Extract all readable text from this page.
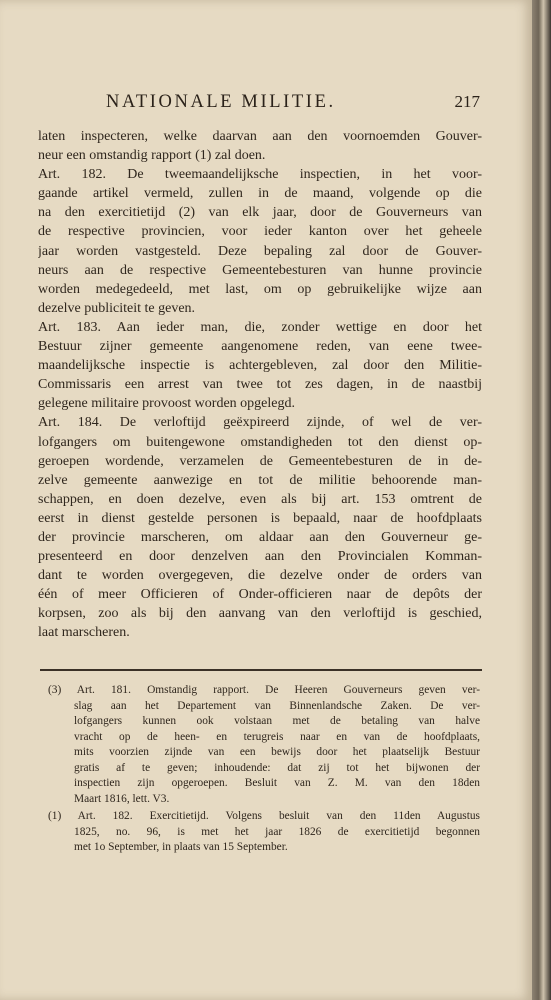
NATIONALE MILITIE.	217
laten inspecteren, welke daarvan aan den voornoemden Gouver-
neur een omstandig rapport (1) zal doen.
Art. 182. De tweemaandelijksche inspectien, in het voor-
gaande artikel vermeld, zullen in de maand, volgende op die
na den exercitietijd (2) van elk jaar, door de Gouverneurs van
de respective provincien, voor ieder kanton over het geheele
jaar worden vastgesteld. Deze bepaling zal door de Gouver-
neurs aan de respective Gemeentebesturen van hunne provincie
worden medegedeeld, met last, om op gebruikelijke wijze aan
dezelve publiciteit te geven.
Art. 183. Aan ieder man, die, zonder wettige en door het
Bestuur zijner gemeente aangenomene reden, van eene twee-
maandelijksche inspectie is achtergebleven, zal door den Militie-
Commissaris een arrest van twee tot zes dagen, in de naastbij
gelegene militaire provoost worden opgelegd.
Art. 184. De verloftijd geëxpireerd zijnde, of wel de ver-
lofgangers om buitengewone omstandigheden tot den dienst op-
geroepen wordende, verzamelen de Gemeentebesturen de in de-
zelve gemeente aanwezige en tot de militie behoorende man-
schappen, en doen dezelve, even als bij art. 153 omtrent de
eerst in dienst gestelde personen is bepaald, naar de hoofdplaats
der provincie marscheren, om aldaar aan den Gouverneur ge-
presenteerd en door denzelven aan den Provincialen Komman-
dant te worden overgegeven, die dezelve onder de orders van
één of meer Officieren of Onder-officieren naar de depôts der
korpsen, zoo als bij den aanvang van den verloftijd is geschied,
laat marscheren.
(3) Art. 181. Omstandig rapport. De Heeren Gouverneurs geven ver-
slag aan het Departement van Binnenlandsche Zaken. De ver-
lofgangers kunnen ook volstaan met de betaling van halve
vracht op de heen- en terugreis naar en van de hoofdplaats,
mits voorzien zijnde van een bewijs door het plaatselijk Bestuur
gratis af te geven; inhoudende: dat zij tot het bijwonen der
inspectien zijn opgeroepen. Besluit van Z. M. van den 18den
Maart 1816, lett. V3.
(1) Art. 182. Exercitietijd. Volgens besluit van den 11den Augustus
1825, no. 96, is met het jaar 1826 de exercitietijd begonnen
met 1o September, in plaats van 15 September.
